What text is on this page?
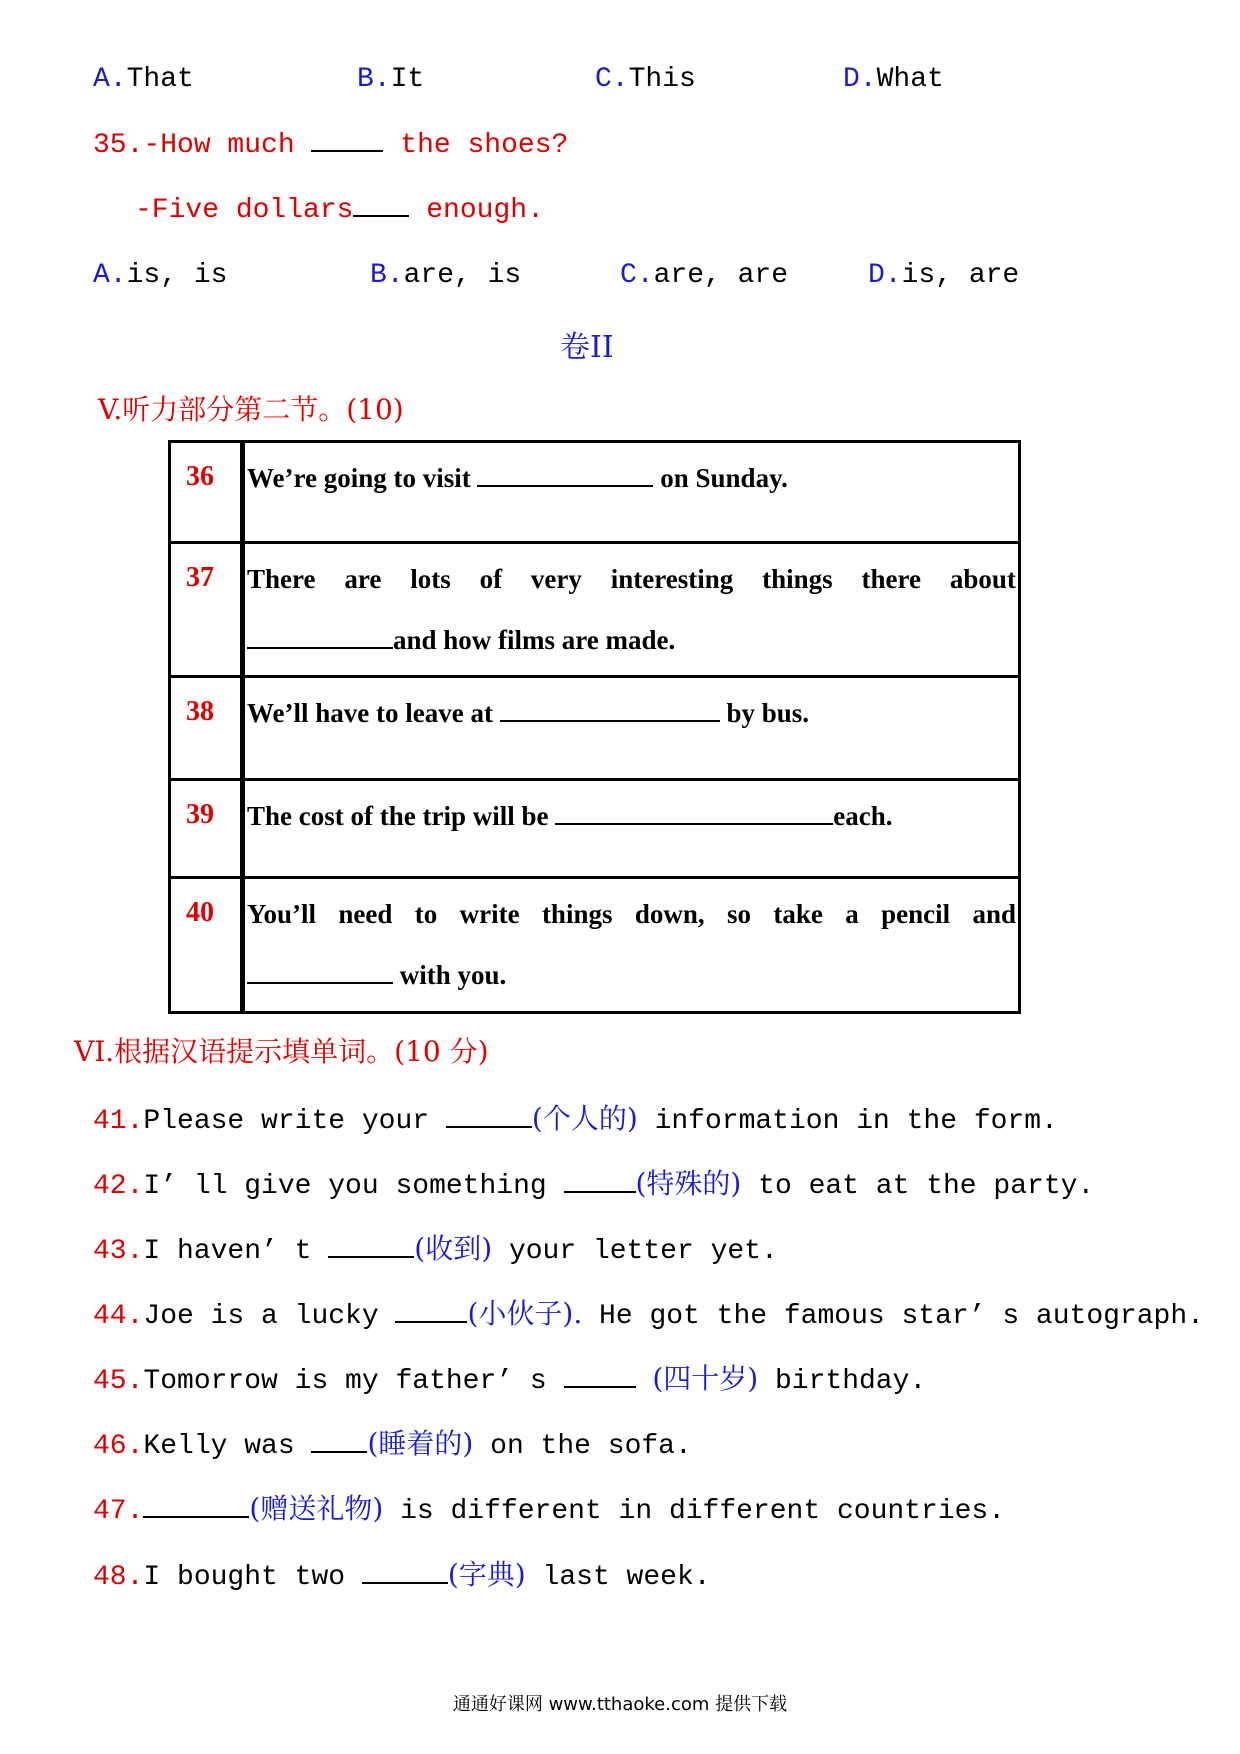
A.That	B.It	C.This	D.What
35.-How much	the shoes?
-Five dollars	enough.
A.is, is	B.are, is	C.are, are	D.is, are
卷II
V.听力部分第二节。(10)
36	We’re going to visit	on Sunday.
37	There are lots of very interesting things there about
and how films are made.
38	We’ll have to leave at	by bus.
39	The cost of the trip will be	each.
40	You’ll need to write things down, so take a pencil and
with you.
VI.根据汉语提示填单词。(10 分)
41.Please write your	(个人的) information in the form.
42.I’ ll give you something	(特殊的) to eat at the party.
43.I haven’ t	(收到) your letter yet.
44.Joe is a lucky	(小伙子). He got the famous star’ s autograph.
45.Tomorrow is my father’ s	(四十岁) birthday.
46.Kelly was	(睡着的) on the sofa.
47.	(赠送礼物) is different in different countries.
48.I bought two	(字典) last week.
通通好课网 www.tthaoke.com 提供下载
